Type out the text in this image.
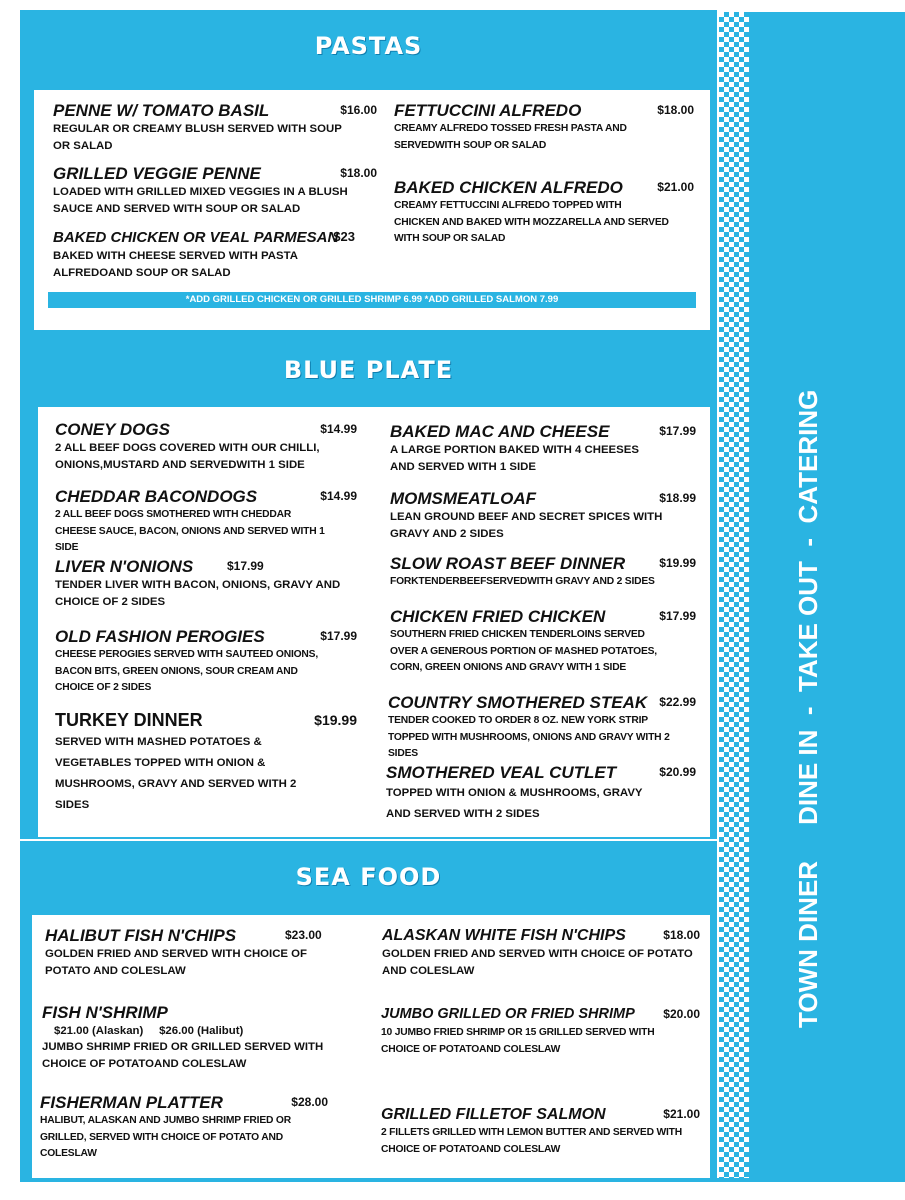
PASTAS
PENNE W/ TOMATO BASIL	$16.00
REGULAR OR CREAMY BLUSH SERVED WITH SOUP OR SALAD
GRILLED VEGGIE PENNE	$18.00
LOADED WITH GRILLED MIXED VEGGIES IN A BLUSH SAUCE AND SERVED WITH SOUP OR SALAD
BAKED CHICKEN OR VEAL PARMESAN
$23
BAKED WITH CHEESE SERVED WITH PASTA ALFREDOAND SOUP OR SALAD
FETTUCCINI ALFREDO	$18.00
CREAMY ALFREDO TOSSED FRESH PASTA AND SERVEDWITH SOUP OR SALAD
BAKED CHICKEN ALFREDO	$21.00
CREAMY FETTUCCINI ALFREDO TOPPED WITH CHICKEN AND BAKED WITH MOZZARELLA AND SERVED WITH SOUP OR SALAD
*ADD GRILLED CHICKEN OR GRILLED SHRIMP 6.99 *ADD GRILLED SALMON 7.99
BLUE PLATE
CONEY DOGS	$14.99
2 ALL BEEF DOGS COVERED WITH OUR CHILLI, ONIONS,MUSTARD AND SERVEDWITH 1 SIDE
CHEDDAR BACONDOGS	$14.99
2 ALL BEEF DOGS SMOTHERED WITH CHEDDAR CHEESE SAUCE, BACON, ONIONS AND SERVED WITH 1 SIDE
LIVER N'ONIONS	$17.99
TENDER LIVER WITH BACON, ONIONS, GRAVY AND CHOICE OF 2 SIDES
OLD FASHION PEROGIES	$17.99
CHEESE PEROGIES SERVED WITH SAUTEED ONIONS, BACON BITS, GREEN ONIONS, SOUR CREAM AND CHOICE OF 2 SIDES
TURKEY DINNER	$19.99
SERVED WITH MASHED POTATOES & VEGETABLES TOPPED WITH ONION & MUSHROOMS, GRAVY AND SERVED WITH 2 SIDES
BAKED MAC AND CHEESE	$17.99
A LARGE PORTION BAKED WITH 4 CHEESES AND SERVED WITH 1 SIDE
MOMSMEATLOAF	$18.99
LEAN GROUND BEEF AND SECRET SPICES WITH GRAVY AND 2 SIDES
SLOW ROAST BEEF DINNER	$19.99
FORKTENDERBEEFSERVEDWITH GRAVY AND 2 SIDES
CHICKEN FRIED CHICKEN	$17.99
SOUTHERN FRIED CHICKEN TENDERLOINS SERVED OVER A GENEROUS PORTION OF MASHED POTATOES, CORN, GREEN ONIONS AND GRAVY WITH 1 SIDE
COUNTRY SMOTHERED STEAK $22.99
TENDER COOKED TO ORDER 8 OZ. NEW YORK STRIP TOPPED WITH MUSHROOMS, ONIONS AND GRAVY WITH 2 SIDES
SMOTHERED VEAL CUTLET	$20.99
TOPPED WITH ONION & MUSHROOMS, GRAVY AND SERVED WITH 2 SIDES
SEA FOOD
HALIBUT FISH N'CHIPS	$23.00
GOLDEN FRIED AND SERVED WITH CHOICE OF POTATO AND COLESLAW
FISH N'SHRIMP
$21.00 (Alaskan)     $26.00 (Halibut)
JUMBO SHRIMP FRIED OR GRILLED SERVED WITH CHOICE OF POTATOAND COLESLAW
FISHERMAN PLATTER	$28.00
HALIBUT, ALASKAN AND JUMBO SHRIMP FRIED OR GRILLED, SERVED WITH CHOICE OF POTATO AND COLESLAW
ALASKAN WHITE FISH N'CHIPS	$18.00
GOLDEN FRIED AND SERVED WITH CHOICE OF POTATO AND COLESLAW
JUMBO GRILLED OR FRIED SHRIMP $20.00
10 JUMBO FRIED SHRIMP OR 15 GRILLED SERVED WITH CHOICE OF POTATOAND COLESLAW
GRILLED FILLETOF SALMON	$21.00
2 FILLETS GRILLED WITH LEMON BUTTER AND SERVED WITH CHOICE OF POTATOAND COLESLAW
TOWN DINERDINE IN  -  TAKE OUT  -  CATERING
